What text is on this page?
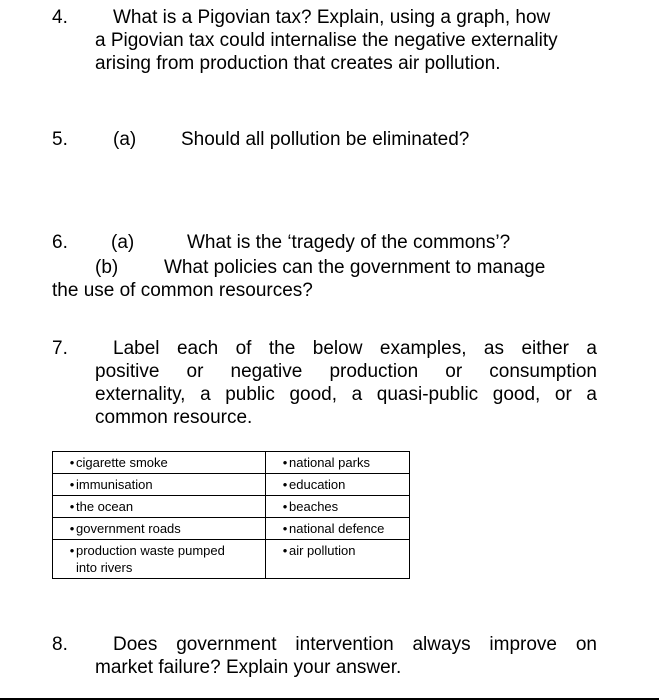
4. What is a Pigovian tax? Explain, using a graph, how
a Pigovian tax could internalise the negative externality
arising from production that creates air pollution.
5. (a) Should all pollution be eliminated?
6. (a)	What is the ‘tragedy of the commons’?
(b) What policies can the government to manage
the use of common resources?
7. Label each of the below examples, as either a
positive or negative production or consumption
externality, a public good, a quasi-public good, or a
common resource.
• cigarette smoke	• national parks

• immunisation	• education

• the ocean	• beaches

• government roads	• national defence

• production waste pumped into rivers	• air pollution
8. Does government intervention always improve on
market failure? Explain your answer.
